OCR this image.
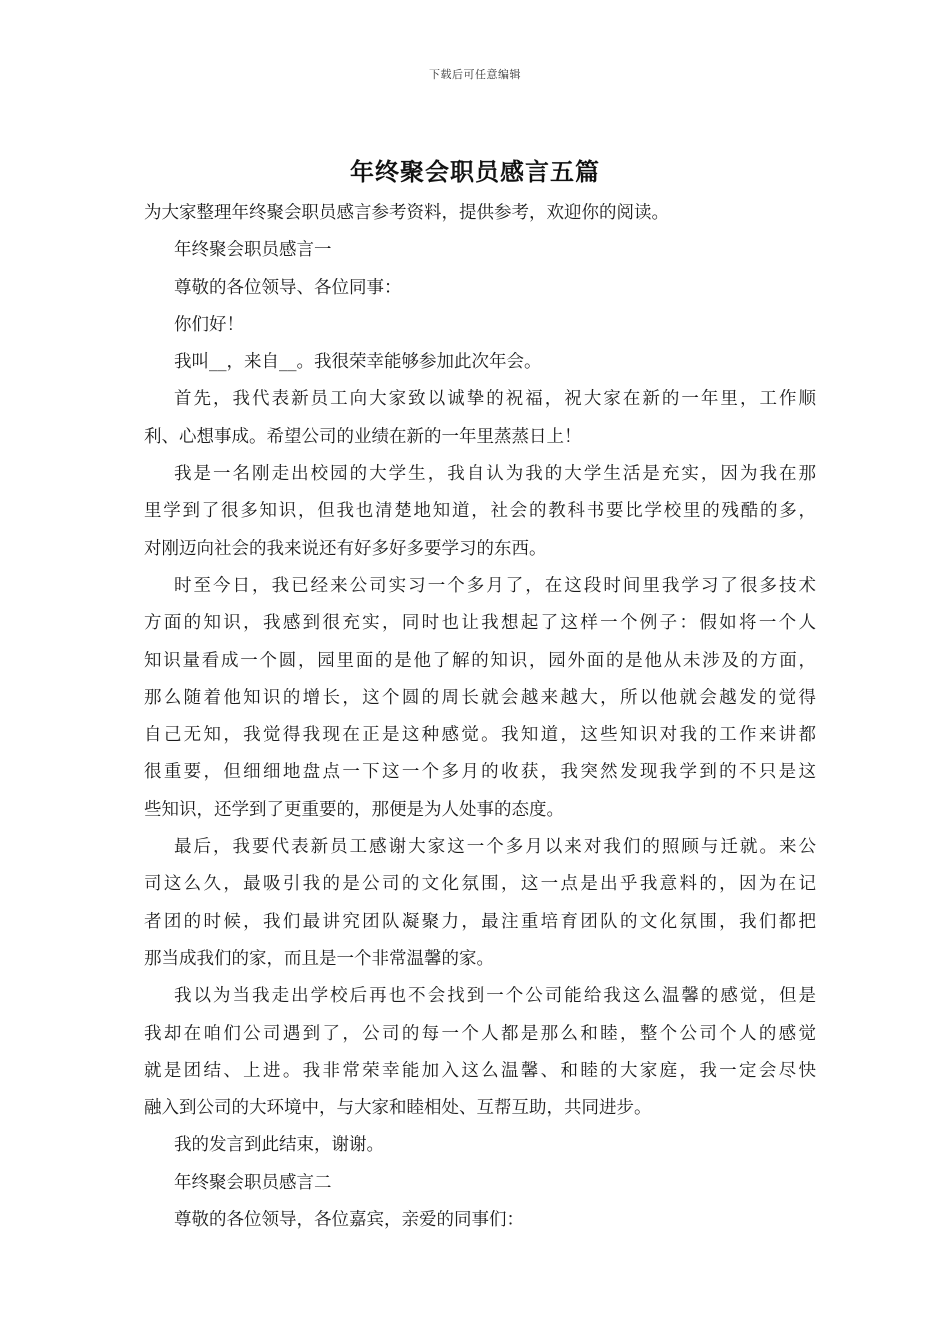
下载后可任意编辑
年终聚会职员感言五篇
为大家整理年终聚会职员感言参考资料，提供参考，欢迎你的阅读。
年终聚会职员感言一
尊敬的各位领导、各位同事：
你们好！
我叫__，来自__。我很荣幸能够参加此次年会。
首先，我代表新员工向大家致以诚挚的祝福，祝大家在新的一年里，工作顺
利、心想事成。希望公司的业绩在新的一年里蒸蒸日上！
我是一名刚走出校园的大学生，我自认为我的大学生活是充实，因为我在那
里学到了很多知识，但我也清楚地知道，社会的教科书要比学校里的残酷的多，
对刚迈向社会的我来说还有好多好多要学习的东西。
时至今日，我已经来公司实习一个多月了，在这段时间里我学习了很多技术
方面的知识，我感到很充实，同时也让我想起了这样一个例子：假如将一个人
知识量看成一个圆，园里面的是他了解的知识，园外面的是他从未涉及的方面，
那么随着他知识的增长，这个圆的周长就会越来越大，所以他就会越发的觉得
自己无知，我觉得我现在正是这种感觉。我知道，这些知识对我的工作来讲都
很重要，但细细地盘点一下这一个多月的收获，我突然发现我学到的不只是这
些知识，还学到了更重要的，那便是为人处事的态度。
最后，我要代表新员工感谢大家这一个多月以来对我们的照顾与迁就。来公
司这么久，最吸引我的是公司的文化氛围，这一点是出乎我意料的，因为在记
者团的时候，我们最讲究团队凝聚力，最注重培育团队的文化氛围，我们都把
那当成我们的家，而且是一个非常温馨的家。
我以为当我走出学校后再也不会找到一个公司能给我这么温馨的感觉，但是
我却在咱们公司遇到了，公司的每一个人都是那么和睦，整个公司个人的感觉
就是团结、上进。我非常荣幸能加入这么温馨、和睦的大家庭，我一定会尽快
融入到公司的大环境中，与大家和睦相处、互帮互助，共同进步。
我的发言到此结束，谢谢。
年终聚会职员感言二
尊敬的各位领导，各位嘉宾，亲爱的同事们：
